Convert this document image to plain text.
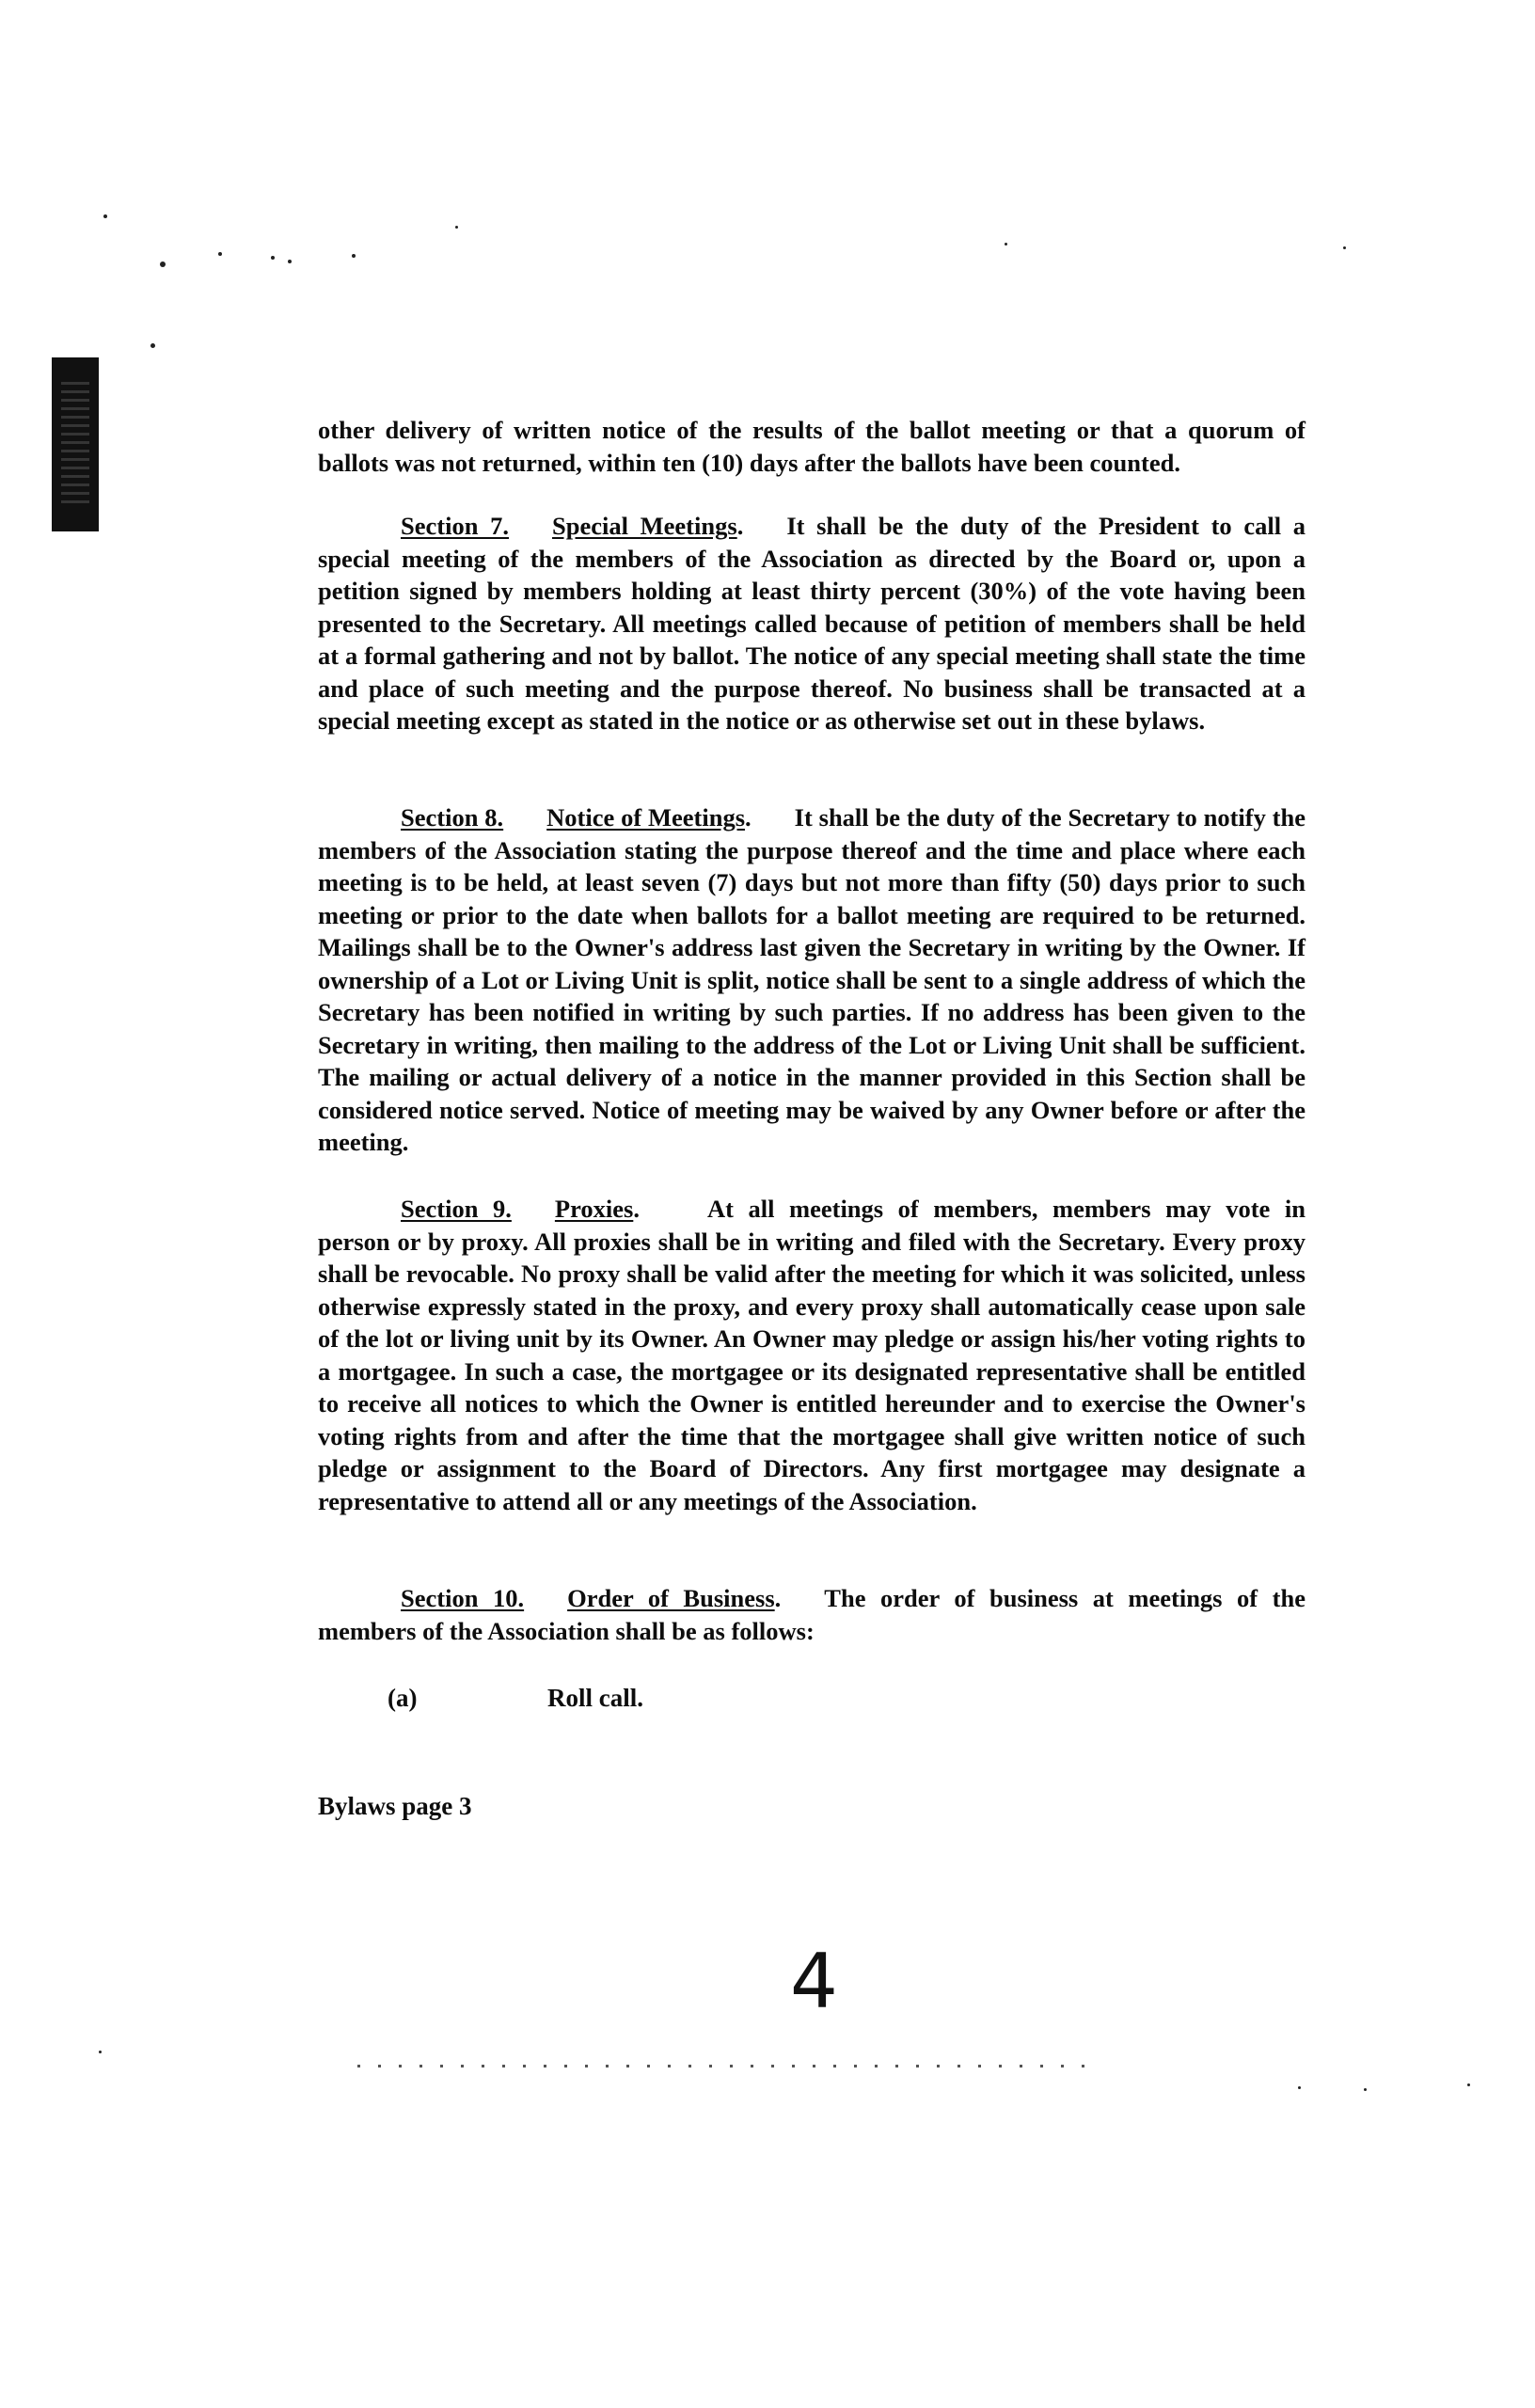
other delivery of written notice of the results of the ballot meeting or that a quorum of ballots was not returned, within ten (10) days after the ballots have been counted.
Section 7. Special Meetings. It shall be the duty of the President to call a special meeting of the members of the Association as directed by the Board or, upon a petition signed by members holding at least thirty percent (30%) of the vote having been presented to the Secretary. All meetings called because of petition of members shall be held at a formal gathering and not by ballot. The notice of any special meeting shall state the time and place of such meeting and the purpose thereof. No business shall be transacted at a special meeting except as stated in the notice or as otherwise set out in these bylaws.
Section 8. Notice of Meetings. It shall be the duty of the Secretary to notify the members of the Association stating the purpose thereof and the time and place where each meeting is to be held, at least seven (7) days but not more than fifty (50) days prior to such meeting or prior to the date when ballots for a ballot meeting are required to be returned. Mailings shall be to the Owner's address last given the Secretary in writing by the Owner. If ownership of a Lot or Living Unit is split, notice shall be sent to a single address of which the Secretary has been notified in writing by such parties. If no address has been given to the Secretary in writing, then mailing to the address of the Lot or Living Unit shall be sufficient. The mailing or actual delivery of a notice in the manner provided in this Section shall be considered notice served. Notice of meeting may be waived by any Owner before or after the meeting.
Section 9. Proxies.	At all meetings of members, members may vote in person or by proxy. All proxies shall be in writing and filed with the Secretary. Every proxy shall be revocable. No proxy shall be valid after the meeting for which it was solicited, unless otherwise expressly stated in the proxy, and every proxy shall automatically cease upon sale of the lot or living unit by its Owner. An Owner may pledge or assign his/her voting rights to a mortgagee. In such a case, the mortgagee or its designated representative shall be entitled to receive all notices to which the Owner is entitled hereunder and to exercise the Owner's voting rights from and after the time that the mortgagee shall give written notice of such pledge or assignment to the Board of Directors. Any first mortgagee may designate a representative to attend all or any meetings of the Association.
Section 10. Order of Business. The order of business at meetings of the members of the Association shall be as follows:
(a)	Roll call.
Bylaws page 3
4
